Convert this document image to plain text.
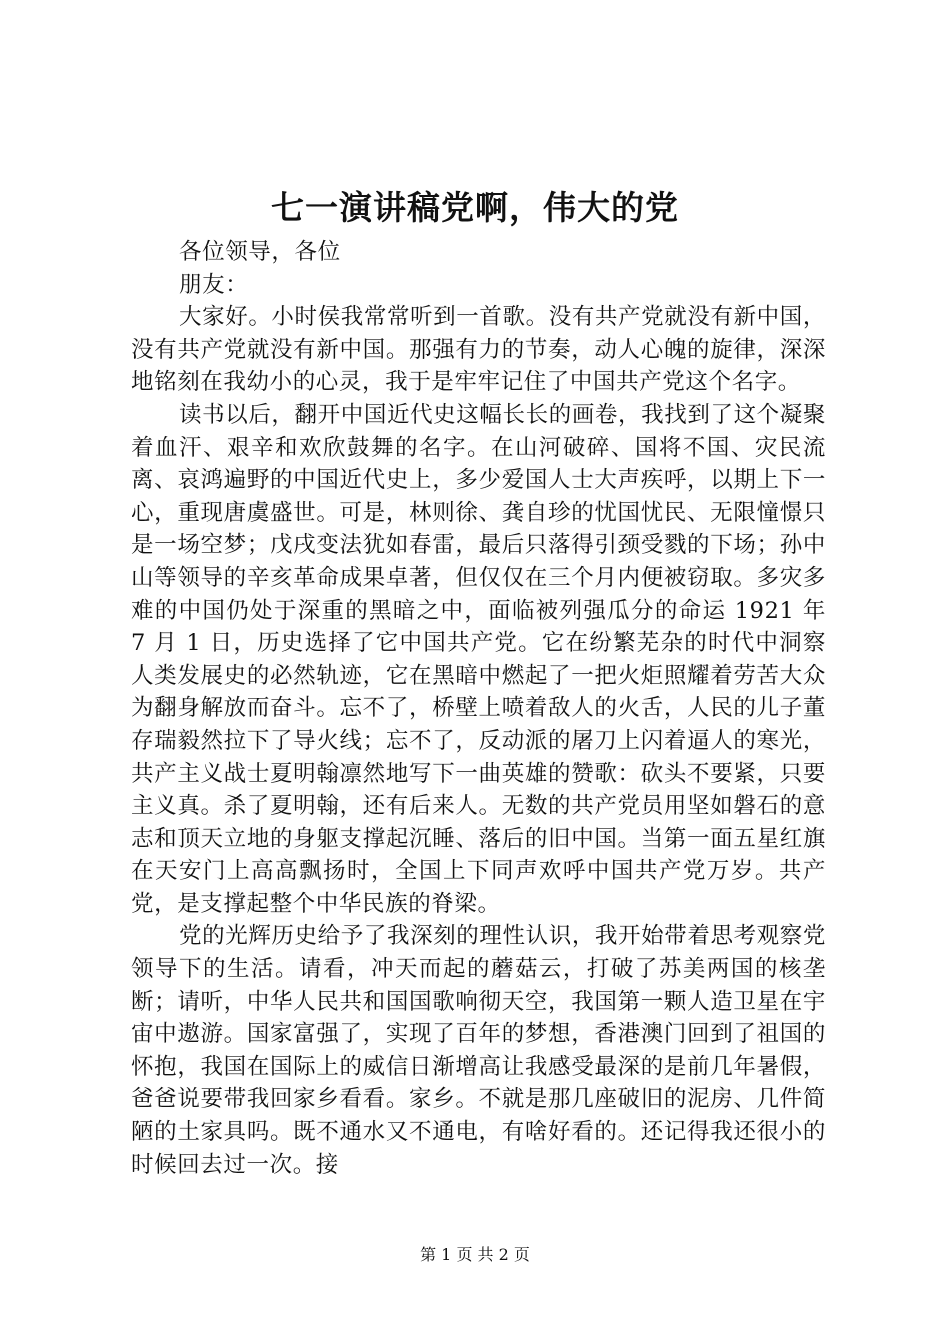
七一演讲稿党啊，伟大的党

各位领导，各位

朋友：

大家好。小时侯我常常听到一首歌。没有共产党就没有新中国，没有共产党就没有新中国。那强有力的节奏，动人心魄的旋律，深深地铭刻在我幼小的心灵，我于是牢牢记住了中国共产党这个名字。

读书以后，翻开中国近代史这幅长长的画卷，我找到了这个凝聚着血汗、艰辛和欢欣鼓舞的名字。在山河破碎、国将不国、灾民流离、哀鸿遍野的中国近代史上，多少爱国人士大声疾呼，以期上下一心，重现唐虞盛世。可是，林则徐、龚自珍的忧国忧民、无限憧憬只是一场空梦；戊戌变法犹如春雷，最后只落得引颈受戮的下场；孙中山等领导的辛亥革命成果卓著，但仅仅在三个月内便被窃取。多灾多难的中国仍处于深重的黑暗之中，面临被列强瓜分的命运 1921 年 7 月 1 日，历史选择了它中国共产党。它在纷繁芜杂的时代中洞察人类发展史的必然轨迹，它在黑暗中燃起了一把火炬照耀着劳苦大众为翻身解放而奋斗。忘不了，桥壁上喷着敌人的火舌，人民的儿子董存瑞毅然拉下了导火线；忘不了，反动派的屠刀上闪着逼人的寒光，共产主义战士夏明翰凛然地写下一曲英雄的赞歌：砍头不要紧，只要主义真。杀了夏明翰，还有后来人。无数的共产党员用坚如磐石的意志和顶天立地的身躯支撑起沉睡、落后的旧中国。当第一面五星红旗在天安门上高高飘扬时，全国上下同声欢呼中国共产党万岁。共产党，是支撑起整个中华民族的脊梁。

党的光辉历史给予了我深刻的理性认识，我开始带着思考观察党领导下的生活。请看，冲天而起的蘑菇云，打破了苏美两国的核垄断；请听，中华人民共和国国歌响彻天空，我国第一颗人造卫星在宇宙中遨游。国家富强了，实现了百年的梦想，香港澳门回到了祖国的怀抱，我国在国际上的威信日渐增高让我感受最深的是前几年暑假，爸爸说要带我回家乡看看。家乡。不就是那几座破旧的泥房、几件简陋的土家具吗。既不通水又不通电，有啥好看的。还记得我还很小的时候回去过一次。接

第 1 页 共 2 页
